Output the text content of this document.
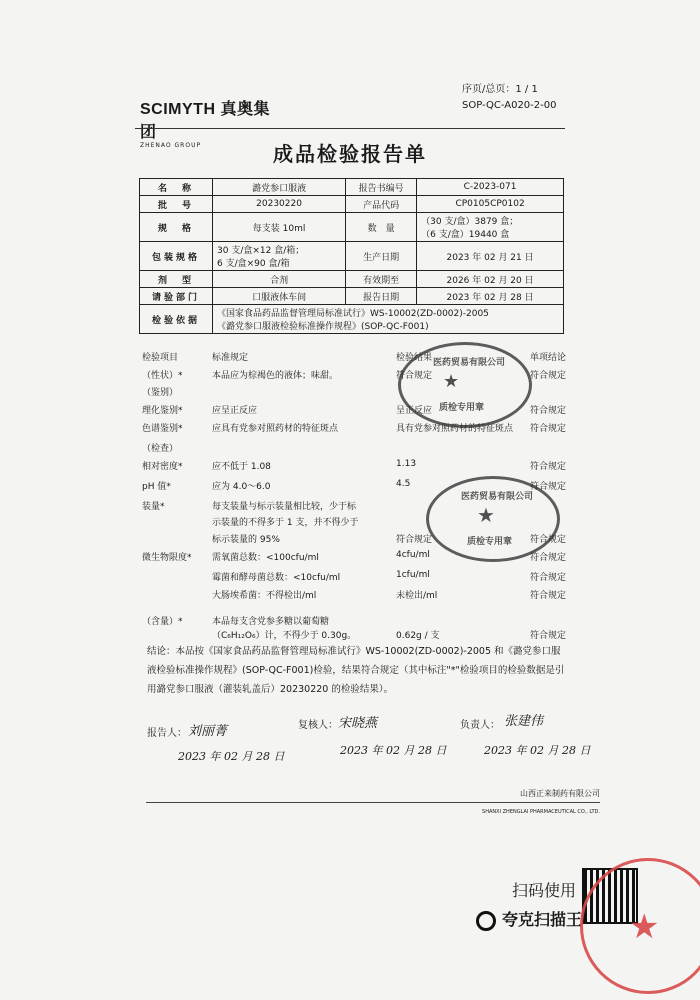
SCIMYTH 真奥集团
ZHENAO GROUP
序页/总页：1 / 1
SOP-QC-A020-2-00
成品检验报告单
名　称	潞党参口服液	报告书编号	C-2023-071
批　号	20230220	产品代码	CP0105CP0102
规　格	每支装 10ml	数　量	（30 支/盒）3879 盒；
（6 支/盒）19440 盒

包装规格	30 支/盒×12 盒/箱；
6 支/盒×90 盒/箱	生产日期	2023 年 02 月 21 日
剂　型	合剂	有效期至	2026 年 02 月 20 日
请验部门	口服液体车间	报告日期	2023 年 02 月 28 日
检验依据	《国家食品药品监督管理局标准试行》WS-10002(ZD-0002)-2005
《潞党参口服液检验标准操作规程》(SOP-QC-F001)		
检验项目	标准规定	检验结果	单项结论
（性状）*	本品应为棕褐色的液体；味甜。	符合规定	符合规定
（鉴别）
理化鉴别*	应呈正反应	呈正反应	符合规定
色谱鉴别*	应具有党参对照药材的特征斑点	具有党参对照药材的特征斑点 符合规定
（检查）
相对密度*	应不低于 1.08	1.13	符合规定
pH 值*	应为 4.0～6.0	4.5	符合规定
装量*	每支装量与标示装量相比较，少于标
示装量的不得多于 1 支，并不得少于
标示装量的 95%	符合规定	符合规定
微生物限度* 需氧菌总数：<100cfu/ml	4cfu/ml	符合规定
霉菌和酵母菌总数：<10cfu/ml	1cfu/ml	符合规定
大肠埃希菌：不得检出/ml	未检出/ml	符合规定
（含量）*	本品每支含党参多糖以葡萄糖
（C₆H₁₂O₆）计，不得少于 0.30g。	0.62g / 支	符合规定
结论：本品按《国家食品药品监督管理局标准试行》WS-10002(ZD-0002)-2005 和《潞党参口服液检验标准操作规程》(SOP-QC-F001)检验，结果符合规定（其中标注"*"检验项目的检验数据是引用潞党参口服液（灌装轧盖后）20230220 的检验结果）。
报告人： 刘丽菁	复核人： 宋晓燕	负责人： 张建伟
2023 年 02 月 28 日	2023 年 02 月 28 日	2023 年 02 月 28 日
山西正来制药有限公司
SHANXI ZHENGLAI PHARMACEUTICAL CO., LTD.
医药贸易有限公司
★
质检专用章
医药贸易有限公司
★
质检专用章
扫码使用
夸克扫描王 ★
